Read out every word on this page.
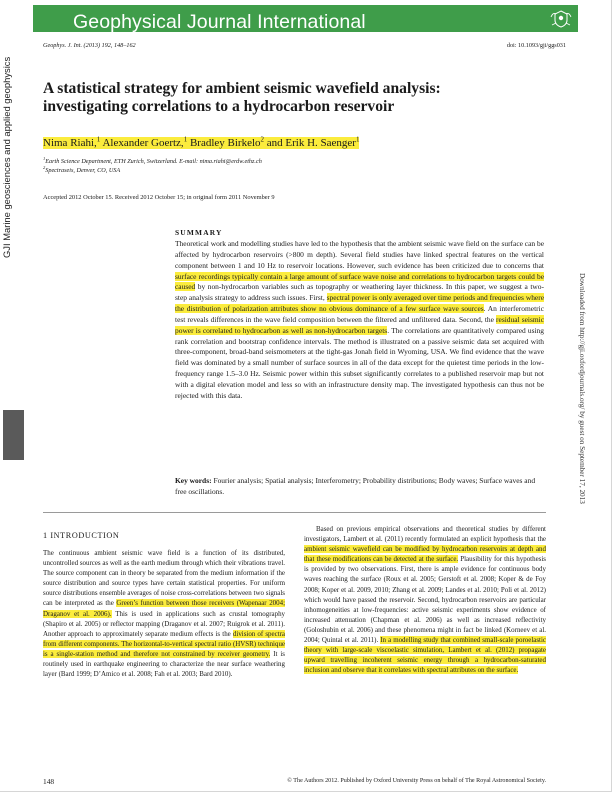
Geophysical Journal International
Geophys. J. Int. (2013) 192, 148–162	doi: 10.1093/gji/ggs031
A statistical strategy for ambient seismic wavefield analysis:
investigating correlations to a hydrocarbon reservoir
Nima Riahi,$^1$ Alexander Goertz,$^1$ Bradley Birkelo$^2$ and Erik H. Saenger$^1$
$^1$Earth Science Department, ETH Zurich, Switzerland. E-mail: nima.riahi@erdw.ethz.ch
$^2$Spectraseis, Denver, CO, USA
Accepted 2012 October 15. Received 2012 October 15; in original form 2011 November 9
SUMMARY
Theoretical work and modelling studies have led to the hypothesis that the ambient seismic wave field on the surface can be affected by hydrocarbon reservoirs (>800 m depth). Several field studies have linked spectral features on the vertical component between 1 and 10 Hz to reservoir locations. However, such evidence has been criticized due to concerns that surface recordings typically contain a large amount of surface wave noise and correlations to hydrocarbon targets could be caused by non-hydrocarbon variables such as topography or weathering layer thickness. In this paper, we suggest a two-step analysis strategy to address such issues. First, spectral power is only averaged over time periods and frequencies where the distribution of polarization attributes show no obvious dominance of a few surface wave sources. An interferometric test reveals differences in the wave field composition between the filtered and unfiltered data. Second, the residual seismic power is correlated to hydrocarbon as well as non-hydrocarbon targets. The correlations are quantitatively compared using rank correlation and bootstrap confidence intervals. The method is illustrated on a passive seismic data set acquired with three-component, broad-band seismometers at the tight-gas Jonah field in Wyoming, USA. We find evidence that the wave field was dominated by a small number of surface sources in all of the data except for the quietest time periods in the low-frequency range 1.5–3.0 Hz. Seismic power within this subset significantly correlates to a published reservoir map but not with a digital elevation model and less so with an infrastructure density map. The investigated hypothesis can thus not be rejected with this data.
Key words: Fourier analysis; Spatial analysis; Interferometry; Probability distributions; Body waves; Surface waves and free oscillations.
1 INTRODUCTION

The continuous ambient seismic wave field is a function of its distributed, uncontrolled sources as well as the earth medium through which their vibrations travel. The source component can in theory be separated from the medium information if the source distribution and source types have certain statistical properties. For uniform source distributions ensemble averages of noise cross-correlations between two signals can be interpreted as the Green’s function between those receivers (Wapenaar 2004; Draganov et al. 2006). This is used in applications such as crustal tomography (Shapiro et al. 2005) or reflector mapping (Draganov et al. 2007; Ruigrok et al. 2011). Another approach to approximately separate medium effects is the division of spectra from different components. The horizontal-to-vertical spectral ratio (HVSR) technique is a single-station method and therefore not constrained by receiver geometry. It is routinely used in earthquake engineering to characterize the near surface weathering layer (Bard 1999; D’Amico et al. 2008; Fah et al. 2003; Bard 2010).

Based on previous empirical observations and theoretical studies by different investigators, Lambert et al. (2011) recently formulated an explicit hypothesis that the ambient seismic wavefield can be modified by hydrocarbon reservoirs at depth and that these modifications can be detected at the surface. Plausibility for this hypothesis is provided by two observations. First, there is ample evidence for continuous body waves reaching the surface (Roux et al. 2005; Gerstoft et al. 2008; Koper & de Foy 2008; Koper et al. 2009, 2010; Zhang et al. 2009; Landes et al. 2010; Poli et al. 2012) which would have passed the reservoir. Second, hydrocarbon reservoirs are particular inhomogeneities at low-frequencies: active seismic experiments show evidence of increased attenuation (Chapman et al. 2006) as well as increased reflectivity (Goloshubin et al. 2006) and these phenomena might in fact be linked (Korneev et al. 2004; Quintal et al. 2011). In a modelling study that combined small-scale poroelastic theory with large-scale viscoelastic simulation, Lambert et al. (2012) propagate upward travelling incoherent seismic energy through a hydrocarbon-saturated inclusion and observe that it correlates with spectral attributes on the surface.

148	© The Authors 2012. Published by Oxford University Press on behalf of The Royal Astronomical Society.
GJI Marine geosciences and applied geophysics
Downloaded from http://gji.oxfordjournals.org/ by guest on September 17, 2013
